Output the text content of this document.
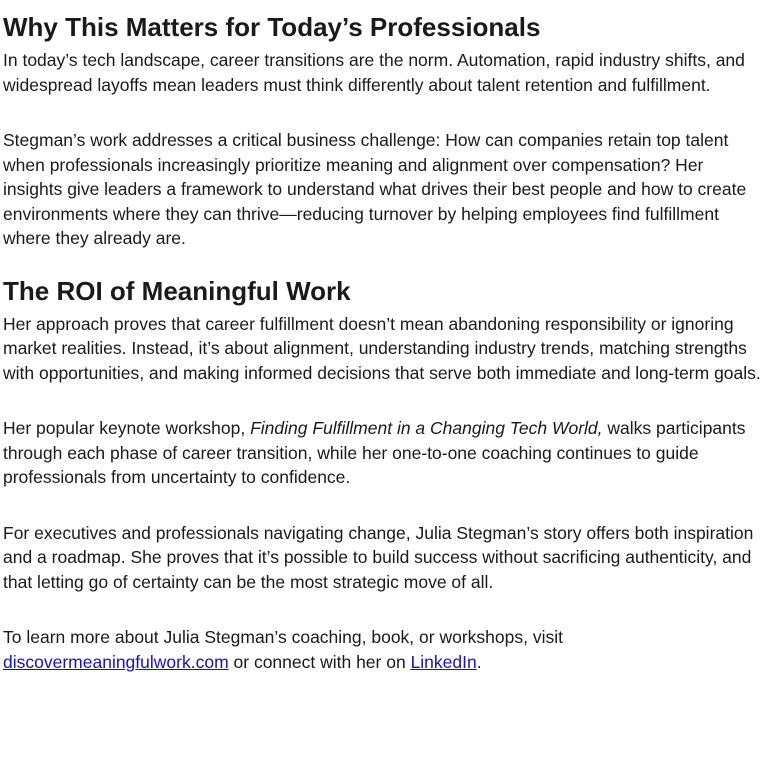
Why This Matters for Today’s Professionals

In today’s tech landscape, career transitions are the norm. Automation, rapid industry shifts, and widespread layoffs mean leaders must think differently about talent retention and fulfillment.

Stegman’s work addresses a critical business challenge: How can companies retain top talent when professionals increasingly prioritize meaning and alignment over compensation? Her insights give leaders a framework to understand what drives their best people and how to create environments where they can thrive—reducing turnover by helping employees find fulfillment where they already are.

The ROI of Meaningful Work

Her approach proves that career fulfillment doesn’t mean abandoning responsibility or ignoring market realities. Instead, it’s about alignment, understanding industry trends, matching strengths with opportunities, and making informed decisions that serve both immediate and long-term goals.

Her popular keynote workshop, Finding Fulfillment in a Changing Tech World, walks participants through each phase of career transition, while her one-to-one coaching continues to guide professionals from uncertainty to confidence.

For executives and professionals navigating change, Julia Stegman’s story offers both inspiration and a roadmap. She proves that it’s possible to build success without sacrificing authenticity, and that letting go of certainty can be the most strategic move of all.

To learn more about Julia Stegman’s coaching, book, or workshops, visit discovermeaningfulwork.com or connect with her on LinkedIn.
